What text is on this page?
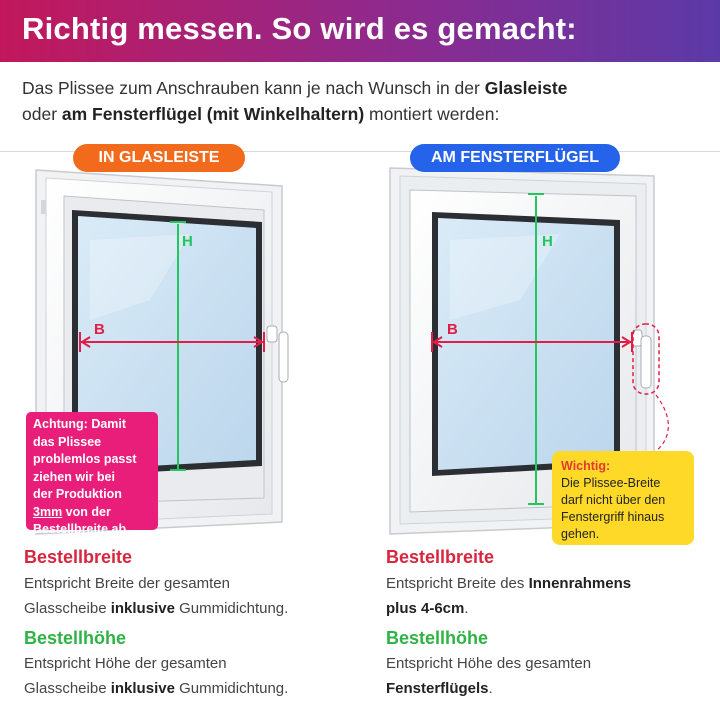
Richtig messen. So wird es gemacht:
Das Plissee zum Anschrauben kann je nach Wunsch in der Glasleiste
oder am Fensterflügel (mit Winkelhaltern) montiert werden:
H
B
H
B
IN GLASLEISTE	AM FENSTERFLÜGEL
Achtung: Damit
das Plissee
problemlos passt
ziehen wir bei
der Produktion
3mm von der
Bestellbreite ab.
Wichtig:
Die Plissee-Breite
darf nicht über den
Fenstergriff hinaus
gehen.
Bestellbreite
Entspricht Breite der gesamten
Glasscheibe inklusive Gummidichtung.
Bestellhöhe
Entspricht Höhe der gesamten
Glasscheibe inklusive Gummidichtung.
Bestellbreite
Entspricht Breite des Innenrahmens
plus 4-6cm.
Bestellhöhe
Entspricht Höhe des gesamten
Fensterflügels.
